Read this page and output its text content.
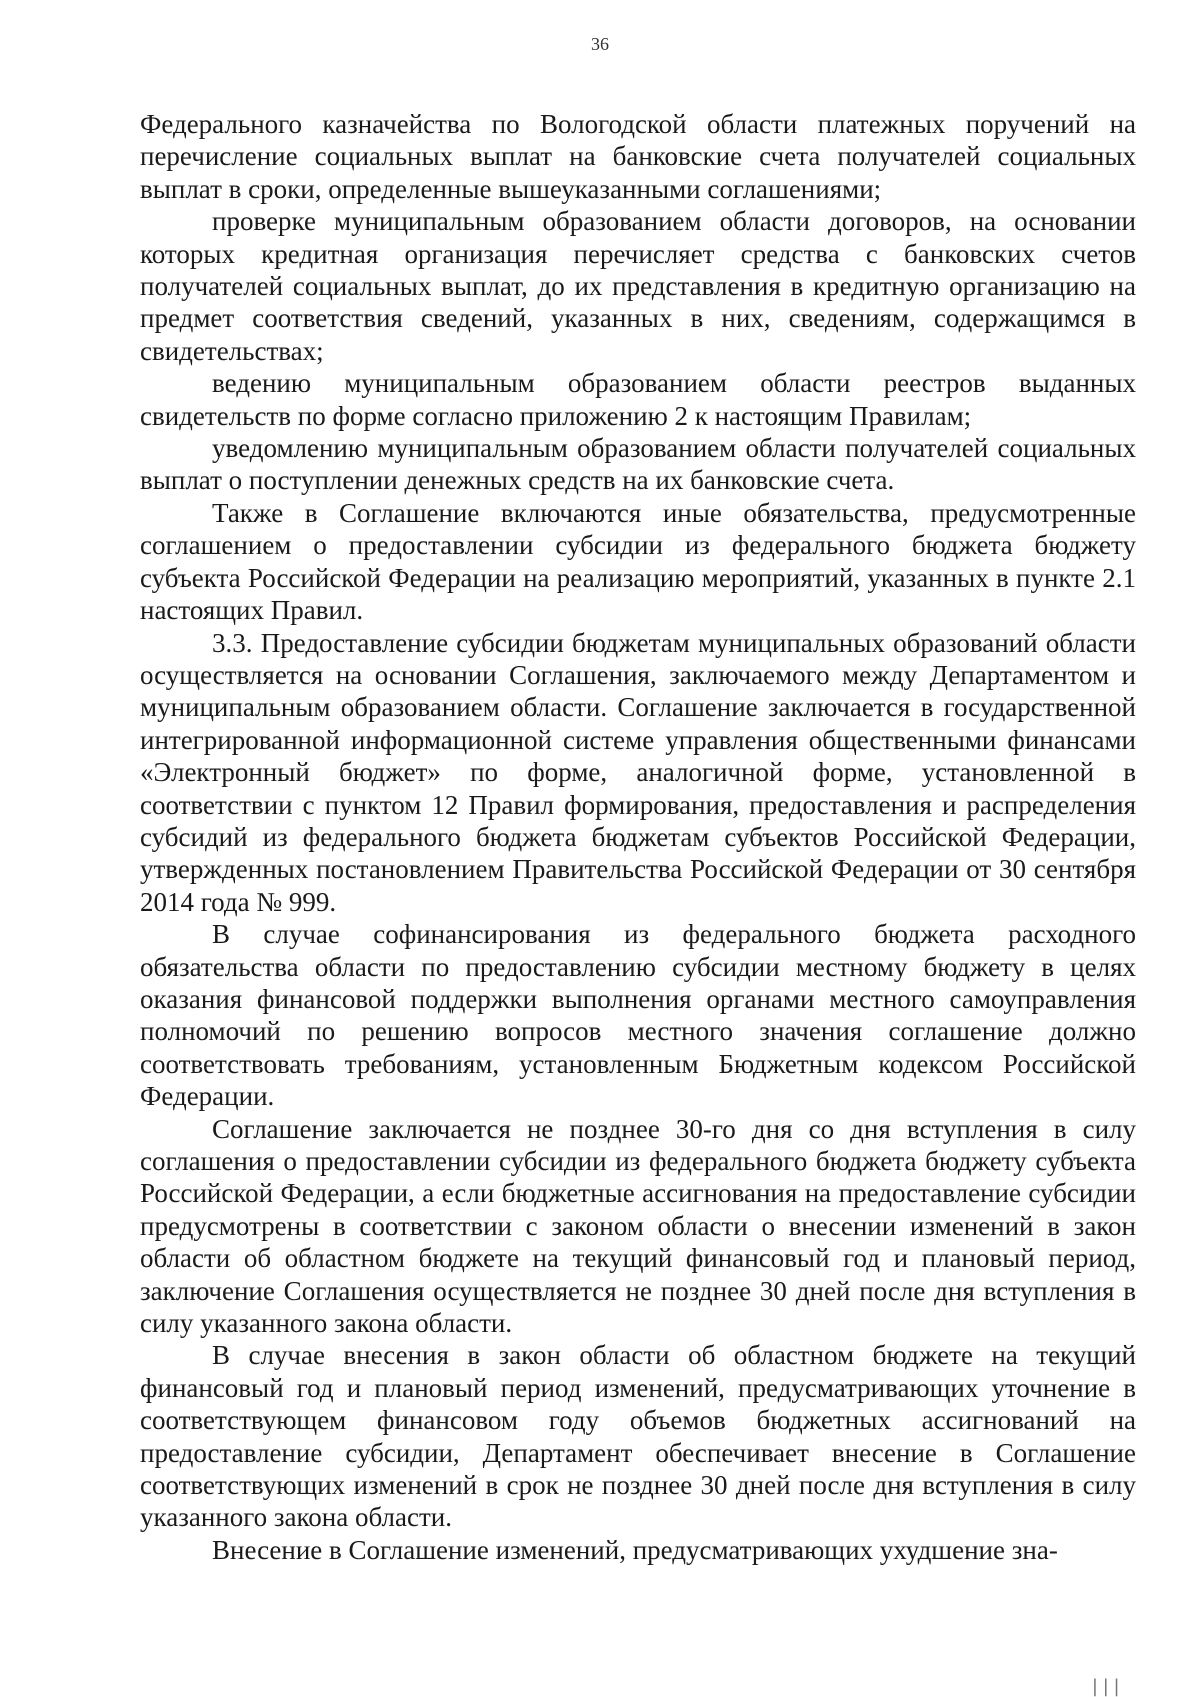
36

Федерального казначейства по Вологодской области платежных поручений на перечисление социальных выплат на банковские счета получателей социальных выплат в сроки, определенные вышеуказанными соглашениями;

проверке муниципальным образованием области договоров, на основании которых кредитная организация перечисляет средства с банковских счетов получателей социальных выплат, до их представления в кредитную организацию на предмет соответствия сведений, указанных в них, сведениям, содержащимся в свидетельствах;

ведению муниципальным образованием области реестров выданных свидетельств по форме согласно приложению 2 к настоящим Правилам;

уведомлению муниципальным образованием области получателей социальных выплат о поступлении денежных средств на их банковские счета.

Также в Соглашение включаются иные обязательства, предусмотренные соглашением о предоставлении субсидии из федерального бюджета бюджету субъекта Российской Федерации на реализацию мероприятий, указанных в пункте 2.1 настоящих Правил.

3.3. Предоставление субсидии бюджетам муниципальных образований области осуществляется на основании Соглашения, заключаемого между Департаментом и муниципальным образованием области. Соглашение заключается в государственной интегрированной информационной системе управления общественными финансами «Электронный бюджет» по форме, аналогичной форме, установленной в соответствии с пунктом 12 Правил формирования, предоставления и распределения субсидий из федерального бюджета бюджетам субъектов Российской Федерации, утвержденных постановлением Правительства Российской Федерации от 30 сентября 2014 года № 999.

В случае софинансирования из федерального бюджета расходного обязательства области по предоставлению субсидии местному бюджету в целях оказания финансовой поддержки выполнения органами местного самоуправления полномочий по решению вопросов местного значения соглашение должно соответствовать требованиям, установленным Бюджетным кодексом Российской Федерации.

Соглашение заключается не позднее 30-го дня со дня вступления в силу соглашения о предоставлении субсидии из федерального бюджета бюджету субъекта Российской Федерации, а если бюджетные ассигнования на предоставление субсидии предусмотрены в соответствии с законом области о внесении изменений в закон области об областном бюджете на текущий финансовый год и плановый период, заключение Соглашения осуществляется не позднее 30 дней после дня вступления в силу указанного закона области.

В случае внесения в закон области об областном бюджете на текущий финансовый год и плановый период изменений, предусматривающих уточнение в соответствующем финансовом году объемов бюджетных ассигнований на предоставление субсидии, Департамент обеспечивает внесение в Соглашение соответствующих изменений в срок не позднее 30 дней после дня вступления в силу указанного закона области.

Внесение в Соглашение изменений, предусматривающих ухудшение зна-

|||
